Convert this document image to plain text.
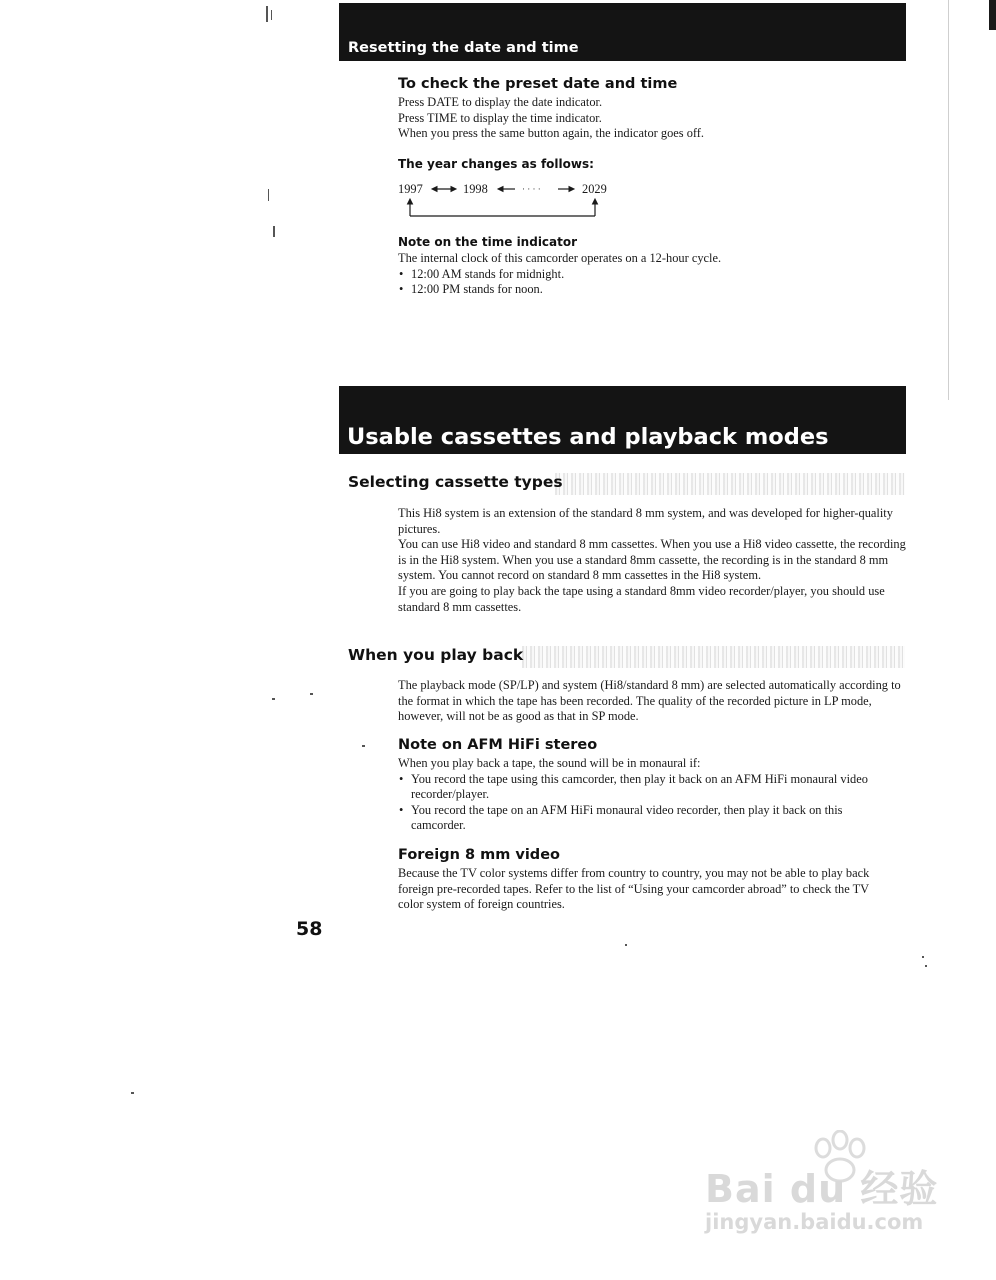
Resetting the date and time
To check the preset date and time
Press DATE to display the date indicator.
Press TIME to display the time indicator.
When you press the same button again, the indicator goes off.
The year changes as follows:
1997	1998	· · · ·	2029
Note on the time indicator
The internal clock of this camcorder operates on a 12-hour cycle.
• 12:00 AM stands for midnight.
• 12:00 PM stands for noon.
Usable cassettes and playback modes
Selecting cassette types

This Hi8 system is an extension of the standard 8 mm system, and was developed for higher-quality pictures.

You can use Hi8 video and standard 8 mm cassettes. When you use a Hi8 video cassette, the recording is in the Hi8 system. When you use a standard 8mm cassette, the recording is in the standard 8 mm system. You cannot record on standard 8 mm cassettes in the Hi8 system.

If you are going to play back the tape using a standard 8mm video recorder/player, you should use standard 8 mm cassettes.

When you play back
The playback mode (SP/LP) and system (Hi8/standard 8 mm) are selected automatically according to the format in which the tape has been recorded. The quality of the recorded picture in LP mode, however, will not be as good as that in SP mode.
Note on AFM HiFi stereo
When you play back a tape, the sound will be in monaural if:
• You record the tape using this camcorder, then play it back on an AFM HiFi monaural video recorder/player.
• You record the tape on an AFM HiFi monaural video recorder, then play it back on this camcorder.
Foreign 8 mm video
Because the TV color systems differ from country to country, you may not be able to play back foreign pre-recorded tapes. Refer to the list of “Using your camcorder abroad” to check the TV color system of foreign countries.
58
Bai du 经验
jingyan.baidu.com
